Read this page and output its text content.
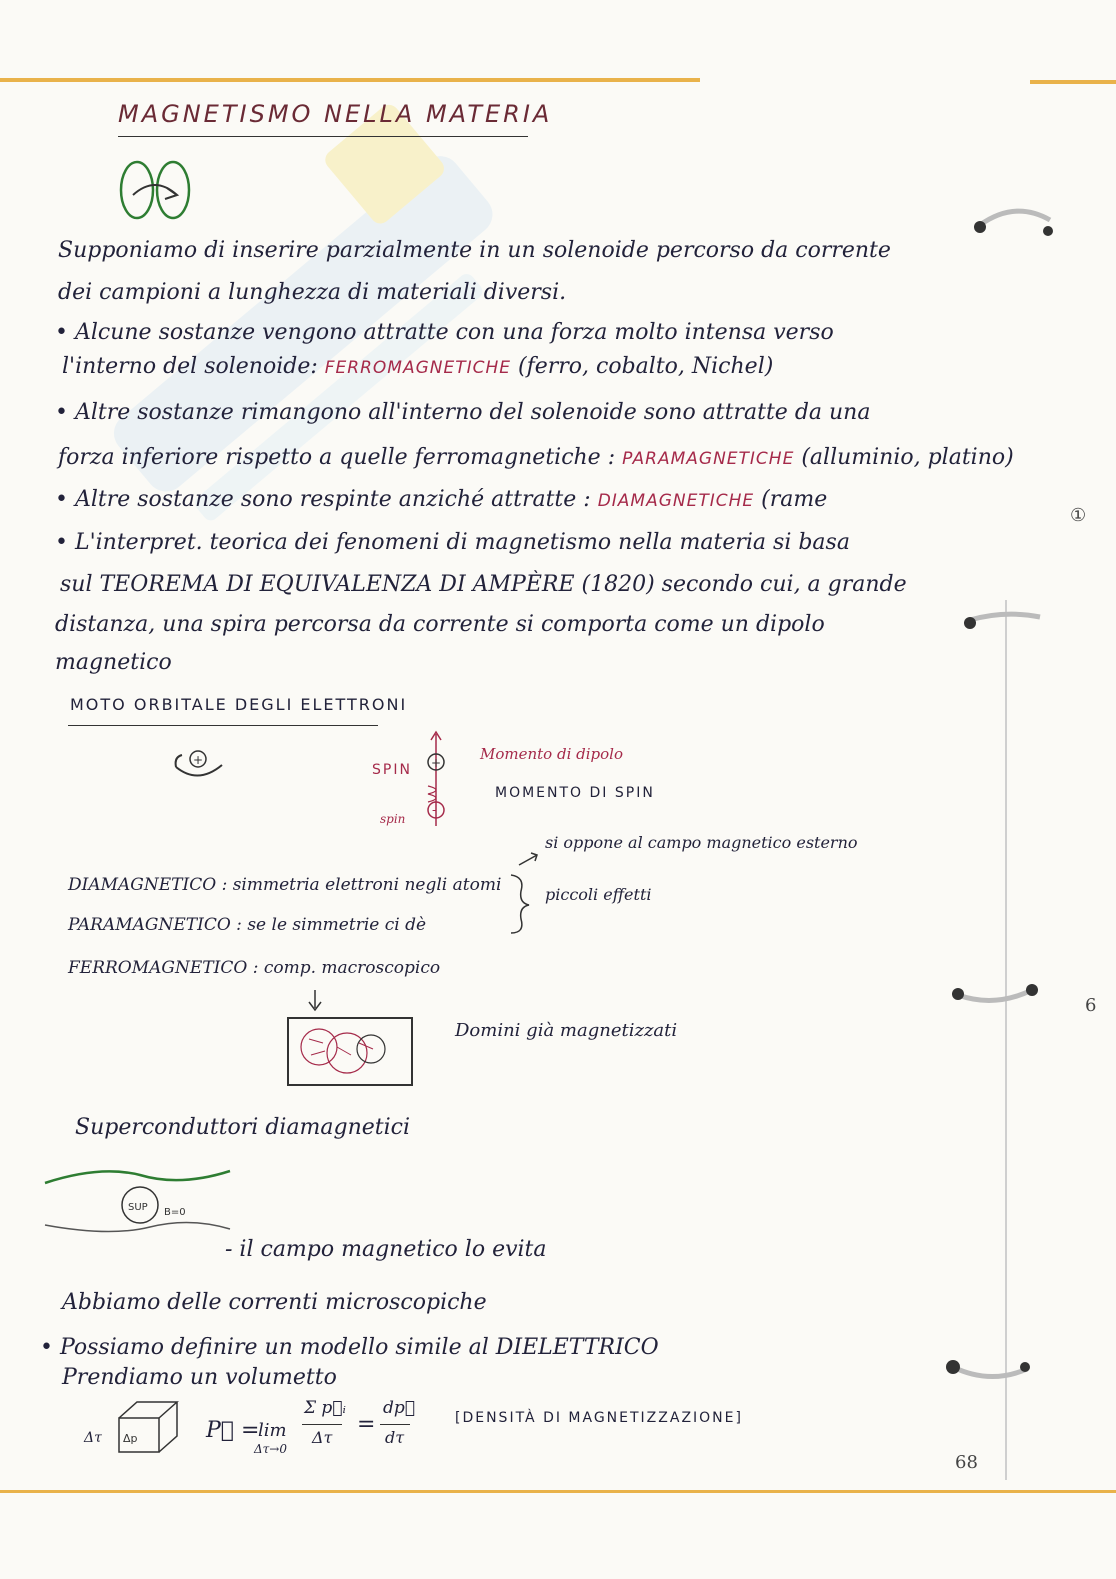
MAGNETISMO NELLA MATERIA
Supponiamo di inserire parzialmente in un solenoide percorso da corrente
dei campioni a lunghezza di materiali diversi.
• Alcune sostanze vengono attratte con una forza molto intensa verso
l'interno del solenoide: FERROMAGNETICHE (ferro, cobalto, Nichel)
• Altre sostanze rimangono all'interno del solenoide sono attratte da una
forza inferiore rispetto a quelle ferromagnetiche : PARAMAGNETICHE (alluminio, platino)
• Altre sostanze sono respinte anziché attratte : DIAMAGNETICHE (rame
• L'interpret. teorica dei fenomeni di magnetismo nella materia si basa
sul TEOREMA DI EQUIVALENZA DI AMPÈRE (1820) secondo cui, a grande
distanza, una spira percorsa da corrente si comporta come un dipolo
magnetico
MOTO ORBITALE DEGLI ELETTRONI
+
SPIN
spin
+
-
Momento di dipolo
MOMENTO DI SPIN
DIAMAGNETICO : simmetria elettroni negli atomi
PARAMAGNETICO : se le simmetrie ci dè
FERROMAGNETICO : comp. macroscopico
si oppone al campo magnetico esterno
piccoli effetti
Domini già magnetizzati
Superconduttori diamagnetici
SUP B=0
- il campo magnetico lo evita
Abbiamo delle correnti microscopiche
• Possiamo definire un modello simile al DIELETTRICO
Prendiamo un volumetto
Δτ Δp	P⃗ =
lim
Δτ→0
Σ p⃗ᵢ
Δτ
=
dp⃗
dτ
[DENSITÀ DI MAGNETIZZAZIONE]
68
①
6
